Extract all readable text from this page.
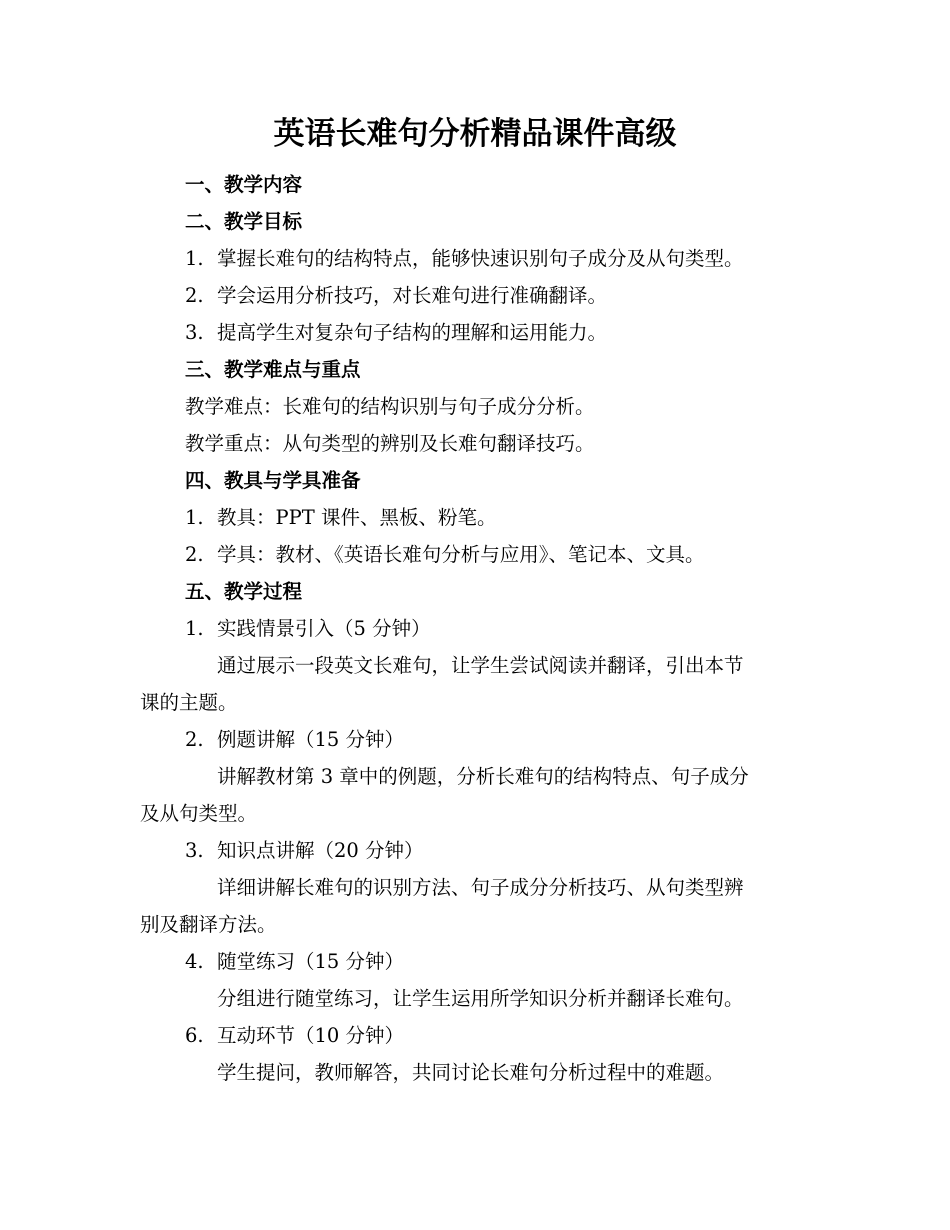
英语长难句分析精品课件高级
一、教学内容
二、教学目标
1. 掌握长难句的结构特点，能够快速识别句子成分及从句类型。
2. 学会运用分析技巧，对长难句进行准确翻译。
3. 提高学生对复杂句子结构的理解和运用能力。
三、教学难点与重点
教学难点：长难句的结构识别与句子成分分析。
教学重点：从句类型的辨别及长难句翻译技巧。
四、教具与学具准备
1. 教具：PPT 课件、黑板、粉笔。
2. 学具：教材、《英语长难句分析与应用》、笔记本、文具。
五、教学过程
1. 实践情景引入（5 分钟）
通过展示一段英文长难句，让学生尝试阅读并翻译，引出本节
课的主题。
2. 例题讲解（15 分钟）
讲解教材第 3 章中的例题，分析长难句的结构特点、句子成分
及从句类型。
3. 知识点讲解（20 分钟）
详细讲解长难句的识别方法、句子成分分析技巧、从句类型辨
别及翻译方法。
4. 随堂练习（15 分钟）
分组进行随堂练习，让学生运用所学知识分析并翻译长难句。
6. 互动环节（10 分钟）
学生提问，教师解答，共同讨论长难句分析过程中的难题。
